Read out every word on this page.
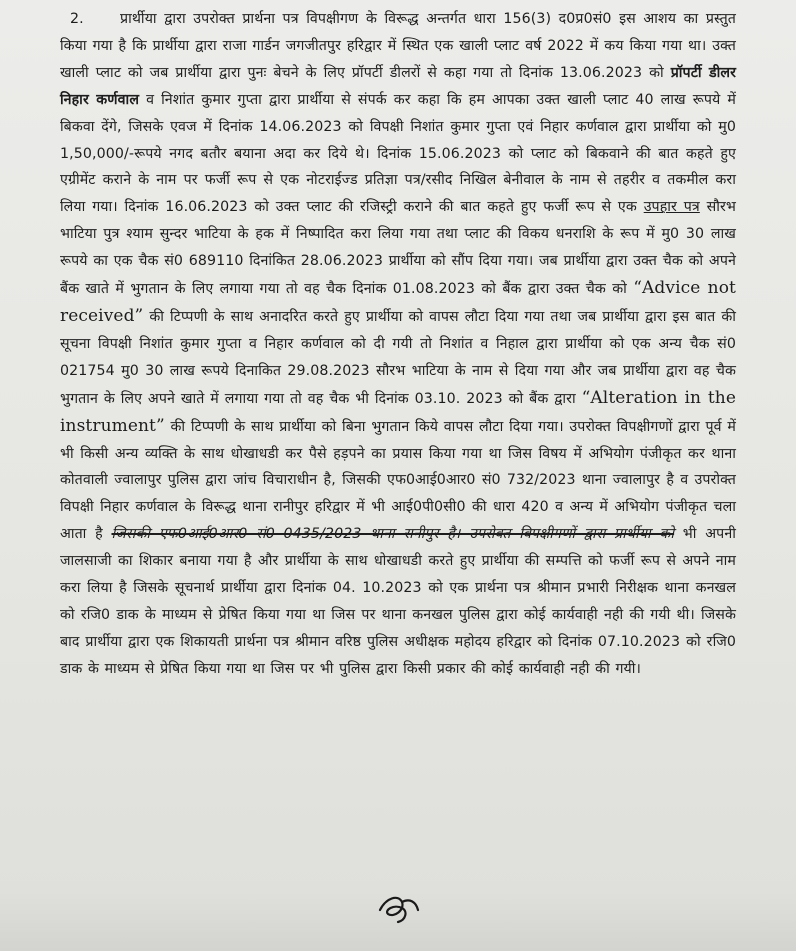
2.	प्रार्थीया द्वारा उपरोक्त प्रार्थना पत्र विपक्षीगण के विरूद्ध अन्तर्गत धारा 156(3) द0प्र0सं0 इस आशय का प्रस्तुत किया गया है कि प्रार्थीया द्वारा राजा गार्डन जगजीतपुर हरिद्वार में स्थित एक खाली प्लाट वर्ष 2022 में कय किया गया था। उक्त खाली प्लाट को जब प्रार्थीया द्वारा पुनः बेचने के लिए प्रॉपर्टी डीलरों से कहा गया तो दिनांक 13.06.2023 को प्रॉपर्टी डीलर निहार कर्णवाल व निशांत कुमार गुप्ता द्वारा प्रार्थीया से संपर्क कर कहा कि हम आपका उक्त खाली प्लाट 40 लाख रूपये में बिकवा देंगे, जिसके एवज में दिनांक 14.06.2023 को विपक्षी निशांत कुमार गुप्ता एवं निहार कर्णवाल द्वारा प्रार्थीया को मु0 1,50,000/-रूपये नगद बतौर बयाना अदा कर दिये थे। दिनांक 15.06.2023 को प्लाट को बिकवाने की बात कहते हुए एग्रीमेंट कराने के नाम पर फर्जी रूप से एक नोटराईज्ड प्रतिज्ञा पत्र/रसीद निखिल बेनीवाल के नाम से तहरीर व तकमील करा लिया गया। दिनांक 16.06.2023 को उक्त प्लाट की रजिस्ट्री कराने की बात कहते हुए फर्जी रूप से एक उपहार पत्र सौरभ भाटिया पुत्र श्याम सुन्दर भाटिया के हक में निष्पादित करा लिया गया तथा प्लाट की विकय धनराशि के रूप में मु0 30 लाख रूपये का एक चैक सं0 689110 दिनांकित 28.06.2023 प्रार्थीया को सौंप दिया गया। जब प्रार्थीया द्वारा उक्त चैक को अपने बैंक खाते में भुगतान के लिए लगाया गया तो वह चैक दिनांक 01.08.2023 को बैंक द्वारा उक्त चैक को “Advice not received” की टिप्पणी के साथ अनादरित करते हुए प्रार्थीया को वापस लौटा दिया गया तथा जब प्रार्थीया द्वारा इस बात की सूचना विपक्षी निशांत कुमार गुप्ता व निहार कर्णवाल को दी गयी तो निशांत व निहाल द्वारा प्रार्थीया को एक अन्य चैक सं0 021754 मु0 30 लाख रूपये दिनाकित 29.08.2023 सौरभ भाटिया के नाम से दिया गया और जब प्रार्थीया द्वारा वह चैक भुगतान के लिए अपने खाते में लगाया गया तो वह चैक भी दिनांक 03.10. 2023 को बैंक द्वारा “Alteration in the instrument” की टिप्पणी के साथ प्रार्थीया को बिना भुगतान किये वापस लौटा दिया गया। उपरोक्त विपक्षीगणों द्वारा पूर्व में भी किसी अन्य व्यक्ति के साथ धोखाधडी कर पैसे हड़पने का प्रयास किया गया था जिस विषय में अभियोग पंजीकृत कर थाना कोतवाली ज्वालापुर पुलिस द्वारा जांच विचाराधीन है, जिसकी एफ0आई0आर0 सं0 732/2023 थाना ज्वालापुर है व उपरोक्त विपक्षी निहार कर्णवाल के विरूद्ध थाना रानीपुर हरिद्वार में भी आई0पी0सी0 की धारा 420 व अन्य में अभियोग पंजीकृत चला आता है जिसकी एफ0आई0आर0 सं0 0435/2023 थाना रानीपुर है। उपरोक्त विपक्षीगणों द्वारा प्रार्थीया को भी अपनी जालसाजी का शिकार बनाया गया है और प्रार्थीया के साथ धोखाधडी करते हुए प्रार्थीया की सम्पत्ति को फर्जी रूप से अपने नाम करा लिया है जिसके सूचनार्थ प्रार्थीया द्वारा दिनांक 04. 10.2023 को एक प्रार्थना पत्र श्रीमान प्रभारी निरीक्षक थाना कनखल को रजि0 डाक के माध्यम से प्रेषित किया गया था जिस पर थाना कनखल पुलिस द्वारा कोई कार्यवाही नही की गयी थी। जिसके बाद प्रार्थीया द्वारा एक शिकायती प्रार्थना पत्र श्रीमान वरिष्ठ पुलिस अधीक्षक महोदय हरिद्वार को दिनांक 07.10.2023 को रजि0 डाक के माध्यम से प्रेषित किया गया था जिस पर भी पुलिस द्वारा किसी प्रकार की कोई कार्यवाही नही की गयी।
